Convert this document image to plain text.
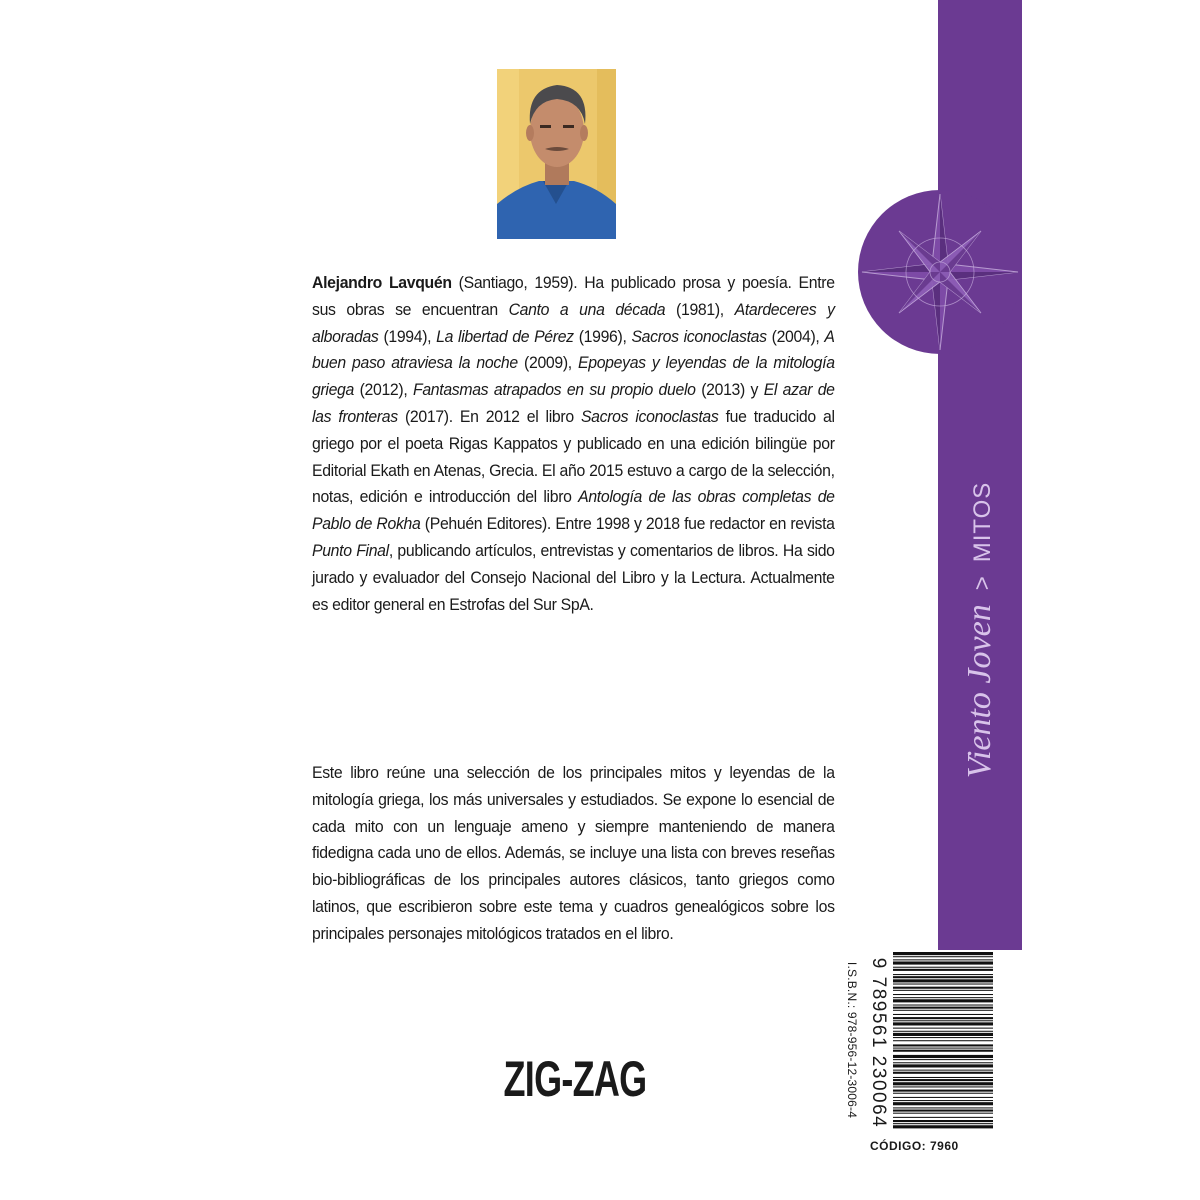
Alejandro Lavquén (Santiago, 1959). Ha publicado prosa y poesía. Entre sus obras se encuentran Canto a una década (1981), Atardeceres y alboradas (1994), La libertad de Pérez (1996), Sacros iconoclastas (2004), A buen paso atraviesa la noche (2009), Epopeyas y leyendas de la mitología griega (2012), Fantasmas atrapados en su propio duelo (2013) y El azar de las fronteras (2017). En 2012 el libro Sacros iconoclastas fue traducido al griego por el poeta Rigas Kappatos y publicado en una edición bilingüe por Editorial Ekath en Atenas, Grecia. El año 2015 estuvo a cargo de la selección, notas, edición e introducción del libro Antología de las obras completas de Pablo de Rokha (Pehuén Editores). Entre 1998 y 2018 fue redactor en revista Punto Final, publicando artículos, entrevistas y comentarios de libros. Ha sido jurado y evaluador del Consejo Nacional del Libro y la Lectura. Actualmente es editor general en Estrofas del Sur SpA.
Este libro reúne una selección de los principales mitos y leyendas de la mitología griega, los más universales y estudiados. Se expone lo esencial de cada mito con un lenguaje ameno y siempre manteniendo de manera fidedigna cada uno de ellos. Además, se incluye una lista con breves reseñas bio-bibliográficas de los principales autores clásicos, tanto griegos como latinos, que escribieron sobre este tema y cuadros genealógicos sobre los principales personajes mitológicos tratados en el libro.
ZIG-ZAG
Viento Joven>MITOS
I.S.B.N.: 978-956-12-3006-4 9 789561 230064
CÓDIGO: 7960
